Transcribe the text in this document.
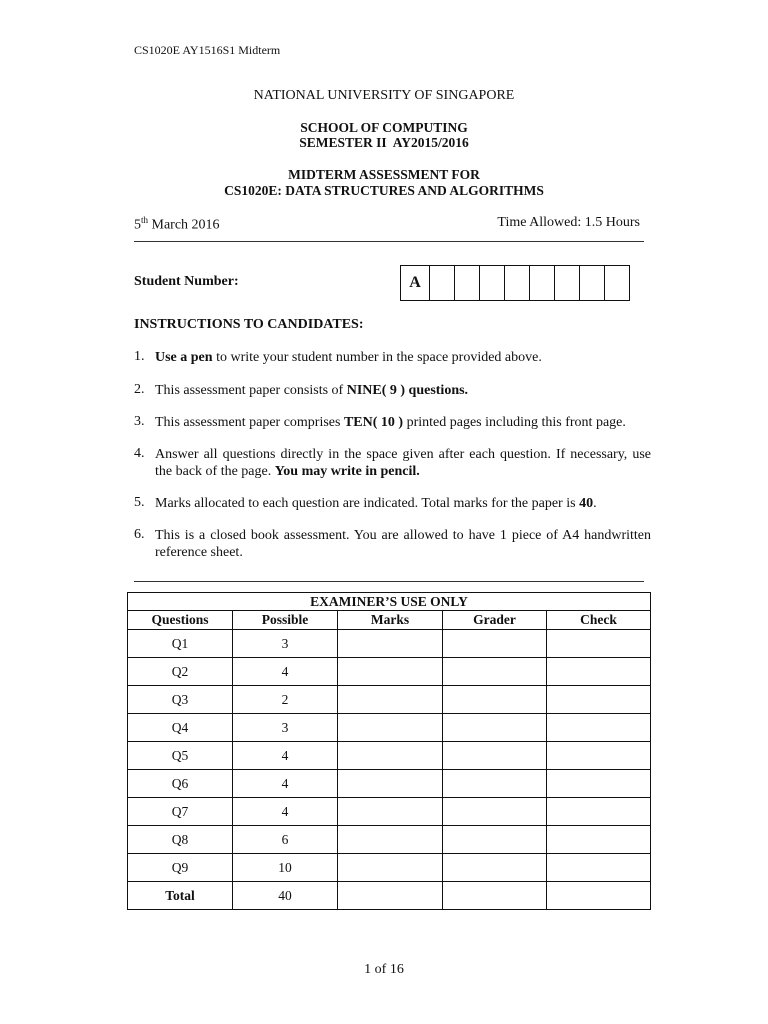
CS1020E AY1516S1 Midterm
NATIONAL UNIVERSITY OF SINGAPORE
SCHOOL OF COMPUTING
SEMESTER II  AY2015/2016
MIDTERM ASSESSMENT FOR
CS1020E: DATA STRUCTURES AND ALGORITHMS
5th March 2016	Time Allowed: 1.5 Hours
Student Number:	A
INSTRUCTIONS TO CANDIDATES:
1. Use a pen to write your student number in the space provided above.
2. This assessment paper consists of NINE( 9 ) questions.
3. This assessment paper comprises TEN( 10 ) printed pages including this front page.
4. Answer all questions directly in the space given after each question. If necessary, use the back of the page. You may write in pencil.
5. Marks allocated to each question are indicated. Total marks for the paper is 40.
6. This is a closed book assessment. You are allowed to have 1 piece of A4 handwritten reference sheet.
EXAMINER’S USE ONLY				
Questions	Possible	Marks	Grader	Check
Q1	3			
Q2	4			
Q3	2			
Q4	3			
Q5	4			
Q6	4			
Q7	4			
Q8	6			
Q9	10			
Total	40			
1 of 16
